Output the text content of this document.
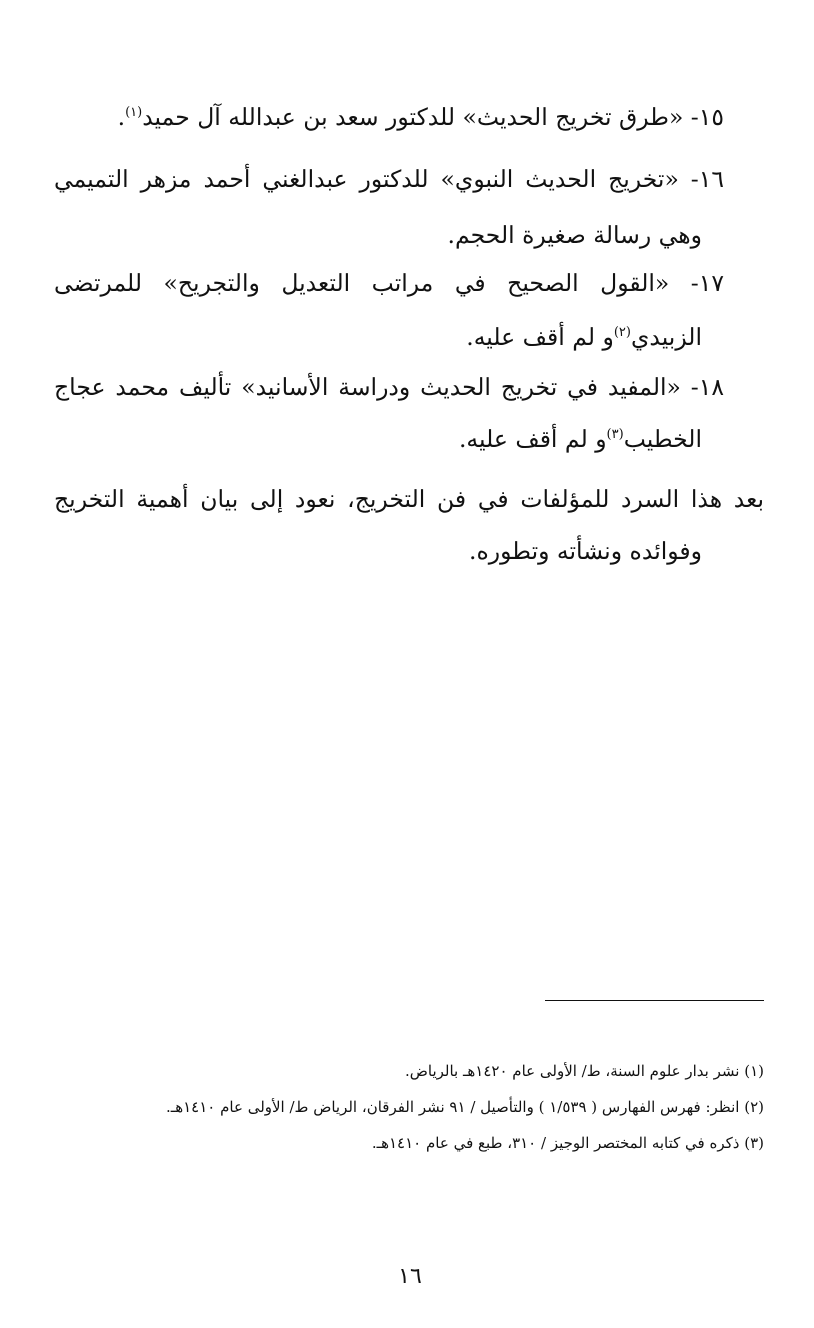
١٥- «طرق تخريج الحديث» للدكتور سعد بن عبدالله آل حميد$^{(١)}$.
١٦- «تخريج الحديث النبوي» للدكتور عبدالغني أحمد مزهر التميمي
وهي رسالة صغيرة الحجم.
١٧- «القول الصحيح في مراتب التعديل والتجريح» للمرتضى
الزبيدي$^{(٢)}$و لم أقف عليه.
١٨- «المفيد في تخريج الحديث ودراسة الأسانيد» تأليف محمد عجاج
الخطيب$^{(٣)}$و لم أقف عليه.
بعد هذا السرد للمؤلفات في فن التخريج، نعود إلى بيان أهمية التخريج
وفوائده ونشأته وتطوره.
(١) نشر بدار علوم السنة، ط/ الأولى عام ١٤٢٠هـ بالرياض.
(٢) انظر: فهرس الفهارس ( ١/٥٣٩ ) والتأصيل / ٩١ نشر الفرقان، الرياض ط/ الأولى عام ١٤١٠هـ.
(٣) ذكره في كتابه المختصر الوجيز / ٣١٠، طبع في عام ١٤١٠هـ.
١٦
